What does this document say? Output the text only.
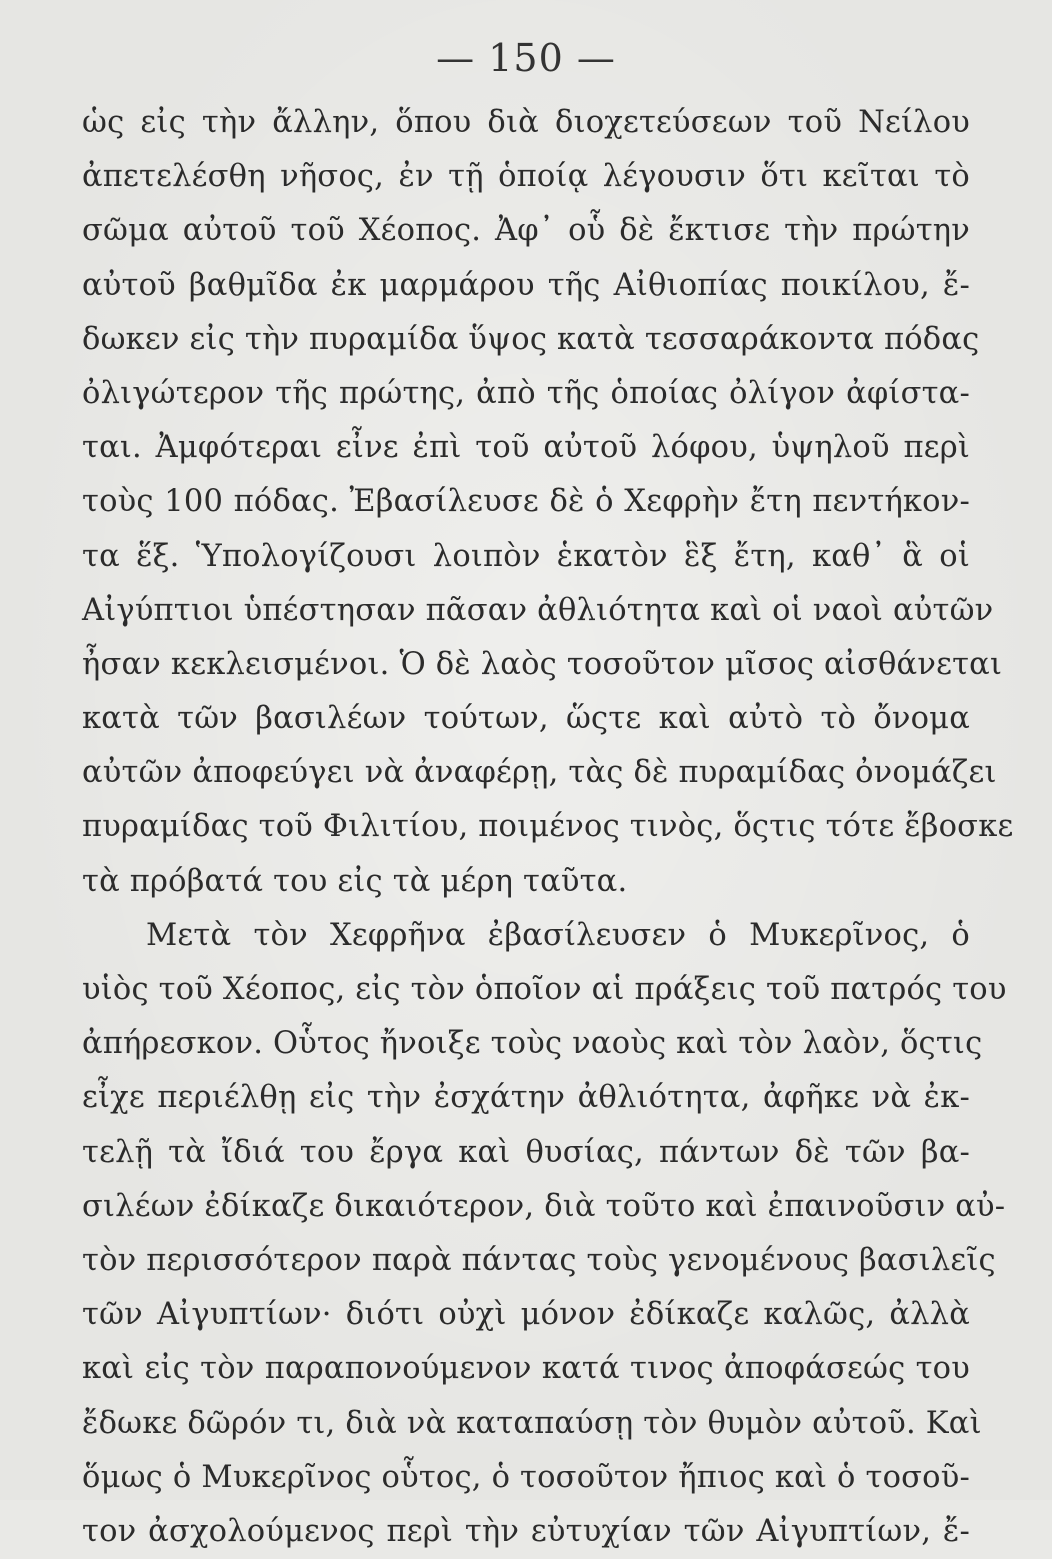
— 150 —
ὡς εἰς τὴν ἄλλην, ὅπου διὰ διοχετεύσεων τοῦ Νείλου
ἀπετελέσθη νῆσος, ἐν τῇ ὁποίᾳ λέγουσιν ὅτι κεῖται τὸ
σῶμα αὐτοῦ τοῦ Χέοπος. Ἀφ᾽ οὗ δὲ ἔκτισε τὴν πρώτην
αὐτοῦ βαθμῖδα ἐκ μαρμάρου τῆς Αἰθιοπίας ποικίλου, ἔ-
δωκεν εἰς τὴν πυραμίδα ὕψος κατὰ τεσσαράκοντα πόδας
ὀλιγώτερον τῆς πρώτης, ἀπὸ τῆς ὁποίας ὀλίγον ἀφίστα-
ται. Ἀμφότεραι εἶνε ἐπὶ τοῦ αὐτοῦ λόφου, ὑψηλοῦ περὶ
τοὺς 100 πόδας. Ἐβασίλευσε δὲ ὁ Χεφρὴν ἔτη πεντήκον-
τα ἕξ. Ὑπολογίζουσι λοιπὸν ἑκατὸν ἓξ ἔτη, καθ᾽ ἃ οἱ
Αἰγύπτιοι ὑπέστησαν πᾶσαν ἀθλιότητα καὶ οἱ ναοὶ αὐτῶν
ἦσαν κεκλεισμένοι. Ὁ δὲ λαὸς τοσοῦτον μῖσος αἰσθάνεται
κατὰ τῶν βασιλέων τούτων, ὥςτε καὶ αὐτὸ τὸ ὄνομα
αὐτῶν ἀποφεύγει νὰ ἀναφέρῃ, τὰς δὲ πυραμίδας ὀνομάζει
πυραμίδας τοῦ Φιλιτίου, ποιμένος τινὸς, ὅςτις τότε ἔβοσκε
τὰ πρόβατά του εἰς τὰ μέρη ταῦτα.
Μετὰ τὸν Χεφρῆνα ἐβασίλευσεν ὁ Μυκερῖνος, ὁ
υἱὸς τοῦ Χέοπος, εἰς τὸν ὁποῖον αἱ πράξεις τοῦ πατρός του
ἀπήρεσκον. Οὗτος ἤνοιξε τοὺς ναοὺς καὶ τὸν λαὸν, ὅςτις
εἶχε περιέλθῃ εἰς τὴν ἐσχάτην ἀθλιότητα, ἀφῆκε νὰ ἐκ-
τελῇ τὰ ἴδιά του ἔργα καὶ θυσίας, πάντων δὲ τῶν βα-
σιλέων ἐδίκαζε δικαιότερον, διὰ τοῦτο καὶ ἐπαινοῦσιν αὐ-
τὸν περισσότερον παρὰ πάντας τοὺς γενομένους βασιλεῖς
τῶν Αἰγυπτίων· διότι οὐχὶ μόνον ἐδίκαζε καλῶς, ἀλλὰ
καὶ εἰς τὸν παραπονούμενον κατά τινος ἀποφάσεώς του
ἔδωκε δῶρόν τι, διὰ νὰ καταπαύσῃ τὸν θυμὸν αὐτοῦ. Καὶ
ὅμως ὁ Μυκερῖνος οὗτος, ὁ τοσοῦτον ἤπιος καὶ ὁ τοσοῦ-
τον ἀσχολούμενος περὶ τὴν εὐτυχίαν τῶν Αἰγυπτίων, ἔ-
